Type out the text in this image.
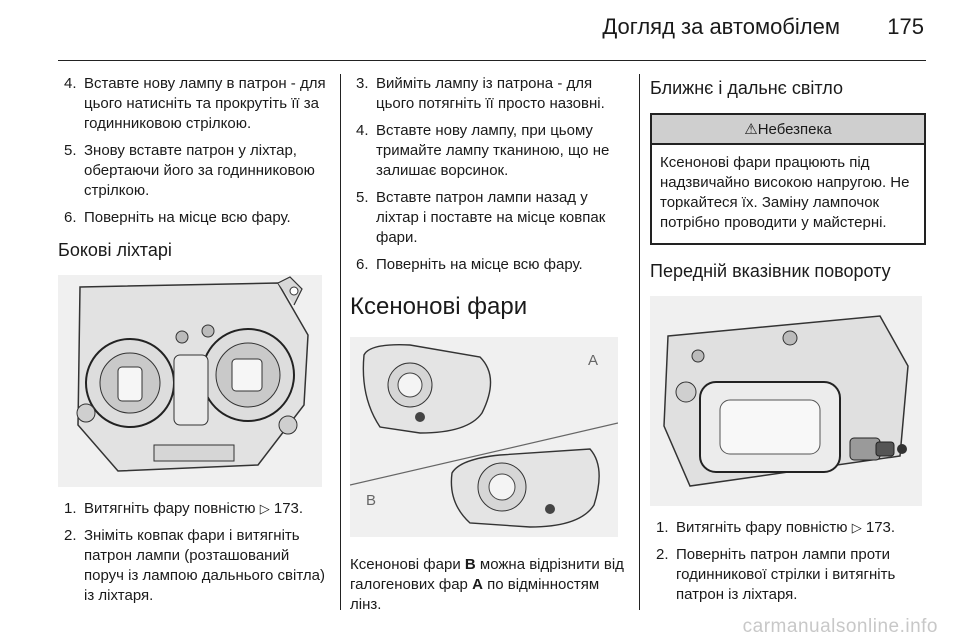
Догляд за автомобілем 175
4. Вставте нову лампу в патрон - для цього натисніть та прокрутіть її за годинниковою стрілкою.
5. Знову вставте патрон у ліхтар, обертаючи його за годинниковою стрілкою.
6. Поверніть на місце всю фару.
Бокові ліхтарі
1. Витягніть фару повністю ▷ 173.
2. Зніміть ковпак фари і витягніть патрон лампи (розташований поруч із лампою дальнього світла) із ліхтаря.
3. Вийміть лампу із патрона - для цього потягніть її просто назовні.
4. Вставте нову лампу, при цьому тримайте лампу тканиною, що не залишає ворсинок.
5. Вставте патрон лампи назад у ліхтар і поставте на місце ковпак фари.
6. Поверніть на місце всю фару.
Ксенонові фари
A
B
Ксенонові фари B можна відрізнити від галогенових фар A по відмінностям лінз.
Ближнє і дальнє світло
⚠Небезпека
Ксенонові фари працюють під надзвичайно високою напругою. Не торкайтеся їх. Заміну лампочок потрібно проводити у майстерні.
Передній вказівник повороту
1. Витягніть фару повністю ▷ 173.
2. Поверніть патрон лампи проти годинникової стрілки і витягніть патрон із ліхтаря.
carmanualsonline.info
